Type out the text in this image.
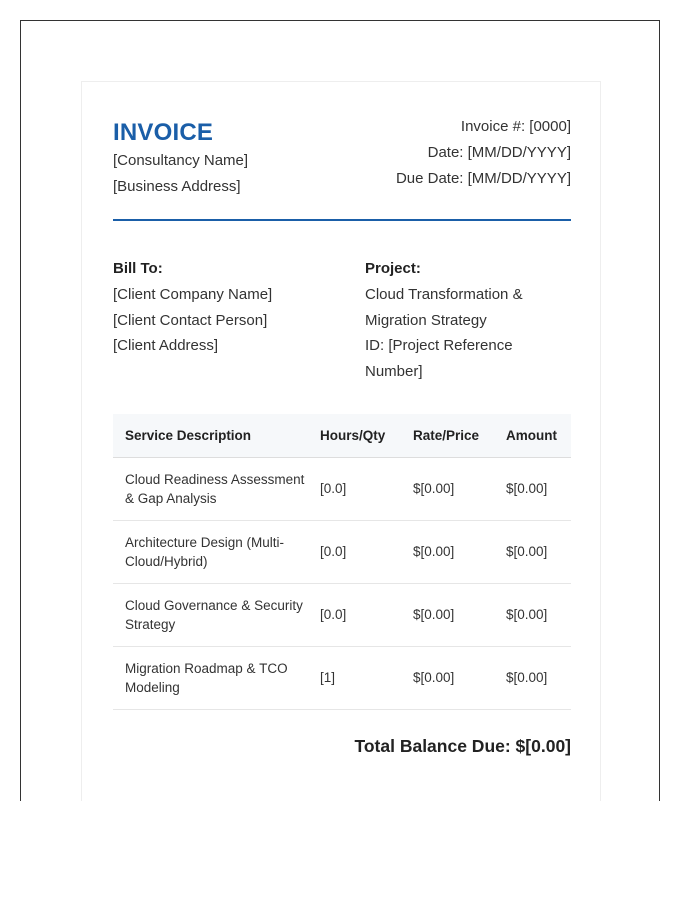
INVOICE
[Consultancy Name]
[Business Address]
Invoice #: [0000]
Date: [MM/DD/YYYY]
Due Date: [MM/DD/YYYY]
Bill To:
[Client Company Name]
[Client Contact Person]
[Client Address]
Project:
Cloud Transformation &
Migration Strategy
ID: [Project Reference
Number]
Service Description	Hours/Qty	Rate/Price	Amount
Cloud Readiness Assessment & Gap Analysis	[0.0]	$[0.00]	$[0.00]
Architecture Design (Multi-Cloud/Hybrid)	[0.0]	$[0.00]	$[0.00]
Cloud Governance & Security Strategy	[0.0]	$[0.00]	$[0.00]
Migration Roadmap & TCO Modeling	[1]	$[0.00]	$[0.00]
Total Balance Due: $[0.00]
